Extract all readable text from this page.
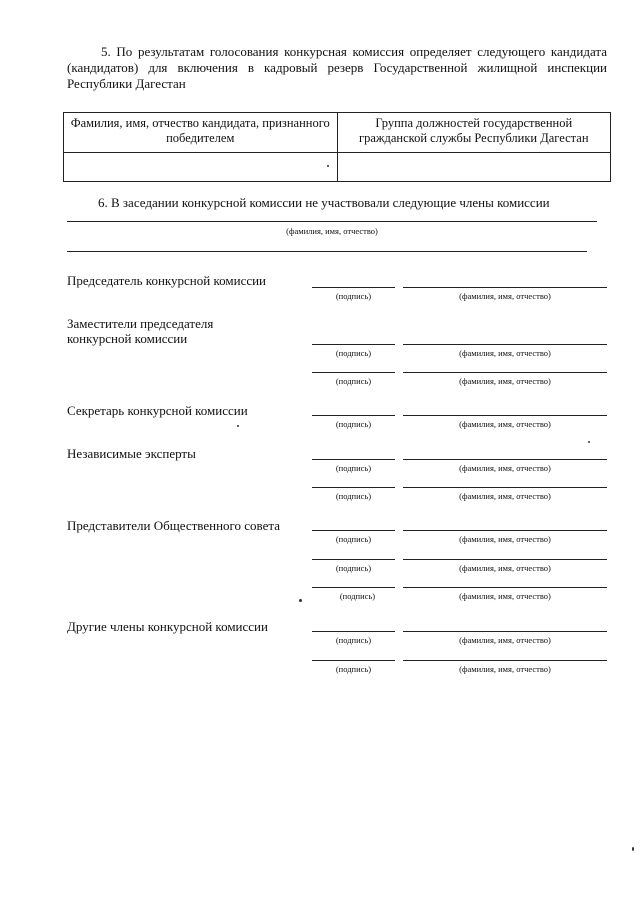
5. По результатам голосования конкурсная комиссия определяет следующего кандидата (кандидатов) для включения в кадровый резерв Государственной жилищной инспекции Республики Дагестан
Фамилия, имя, отчество кандидата, признанного победителем	Группа должностей государственной гражданской службы Республики Дагестан

6. В заседании конкурсной комиссии не участвовали следующие члены комиссии
(фамилия, имя, отчество)
Председатель конкурсной комиссии
(подпись)	(фамилия, имя, отчество)
Заместители председателя
конкурсной комиссии
(подпись)	(фамилия, имя, отчество)
(подпись)	(фамилия, имя, отчество)
Секретарь конкурсной комиссии
(подпись)	(фамилия, имя, отчество)
Независимые эксперты
(подпись)	(фамилия, имя, отчество)
(подпись)	(фамилия, имя, отчество)
Представители Общественного совета
(подпись)	(фамилия, имя, отчество)
(подпись)	(фамилия, имя, отчество)
(подпись)	(фамилия, имя, отчество)
Другие члены конкурсной комиссии
(подпись)	(фамилия, имя, отчество)
(подпись)	(фамилия, имя, отчество)
